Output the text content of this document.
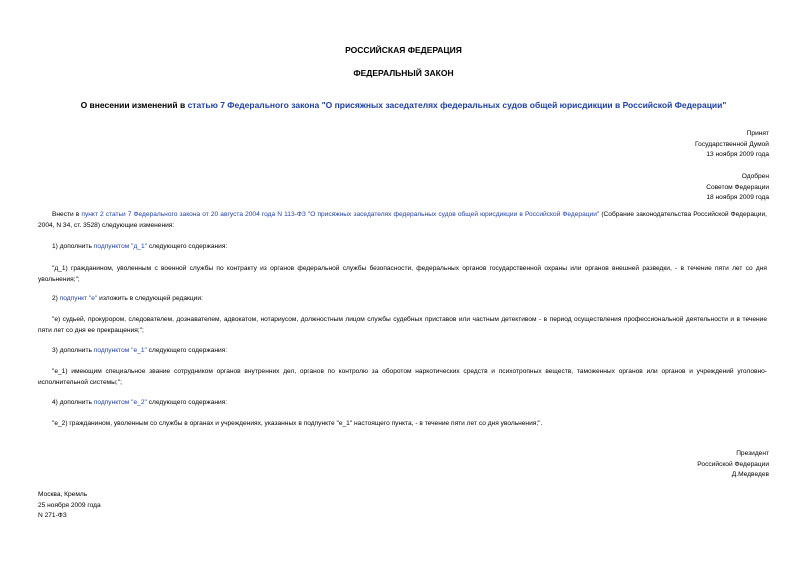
РОССИЙСКАЯ ФЕДЕРАЦИЯ
ФЕДЕРАЛЬНЫЙ ЗАКОН
О внесении изменений в статью 7 Федерального закона "О присяжных заседателях федеральных судов общей юрисдикции в Российской Федерации"
Принят
Государственной Думой
13 ноября 2009 года
Одобрен
Советом Федерации
18 ноября 2009 года

Внести в пункт 2 статьи 7 Федерального закона от 20 августа 2004 года N 113-ФЗ "О присяжных заседателях федеральных судов общей юрисдикции в Российской Федерации" (Собрание законодательства Российской Федерации, 2004, N 34, ст. 3528) следующие изменения:

1) дополнить подпунктом "д_1" следующего содержания:

"д_1) гражданином, уволенным с военной службы по контракту из органов федеральной службы безопасности, федеральных органов государственной охраны или органов внешней разведки, - в течение пяти лет со дня увольнения;";

2) подпункт "е" изложить в следующей редакции:

"е) судьей, прокурором, следователем, дознавателем, адвокатом, нотариусом, должностным лицом службы судебных приставов или частным детективом - в период осуществления профессиональной деятельности и в течение пяти лет со дня ее прекращения;";

3) дополнить подпунктом "е_1" следующего содержания:

"е_1) имеющим специальное звание сотрудником органов внутренних дел, органов по контролю за оборотом наркотических средств и психотропных веществ, таможенных органов или органов и учреждений уголовно-исполнительной системы;";

4) дополнить подпунктом "е_2" следующего содержания:

"е_2) гражданином, уволенным со службы в органах и учреждениях, указанных в подпункте "е_1" настоящего пункта, - в течение пяти лет со дня увольнения;".

Президент
Российской Федерации
Д.Медведев
Москва, Кремль
25 ноября 2009 года
N 271-ФЗ
